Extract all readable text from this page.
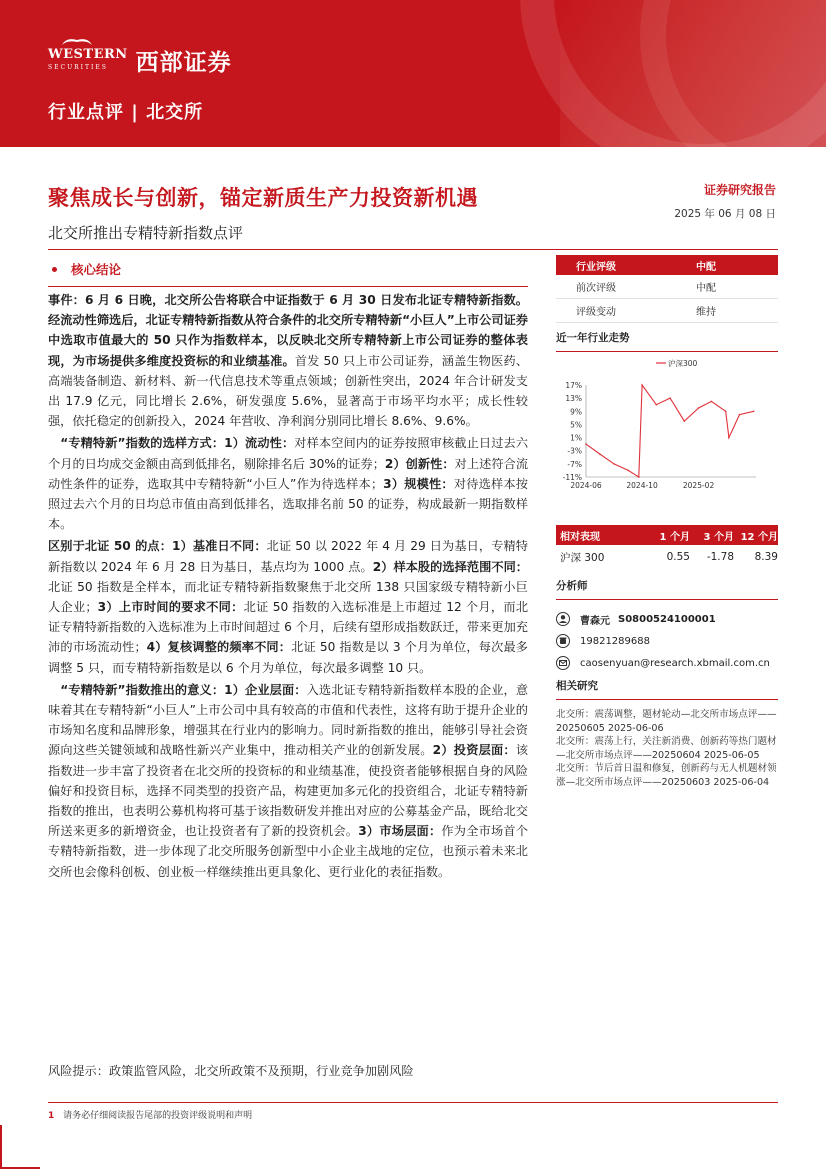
WESTERN
SECURITIES	西部证券
行业点评 | 北交所
聚焦成长与创新，锚定新质生产力投资新机遇
北交所推出专精特新指数点评
证券研究报告
2025 年 06 月 08 日
核心结论

事件：6 月 6 日晚，北交所公告将联合中证指数于 6 月 30 日发布北证专精特新指数。经流动性筛选后，北证专精特新指数从符合条件的北交所专精特新“小巨人”上市公司证券中选取市值最大的 50 只作为指数样本，以反映北交所专精特新上市公司证券的整体表现，为市场提供多维度投资标的和业绩基准。首发 50 只上市公司证券，涵盖生物医药、高端装备制造、新材料、新一代信息技术等重点领域；创新性突出，2024 年合计研发支出 17.9 亿元，同比增长 2.6%，研发强度 5.6%，显著高于市场平均水平；成长性较强，依托稳定的创新投入，2024 年营收、净利润分别同比增长 8.6%、9.6%。

 “专精特新”指数的选样方式：1）流动性：对样本空间内的证券按照审核截止日过去六个月的日均成交金额由高到低排名，剔除排名后 30%的证券；2）创新性：对上述符合流动性条件的证券，选取其中专精特新“小巨人”作为待选样本；3）规模性：对待选样本按照过去六个月的日均总市值由高到低排名，选取排名前 50 的证券，构成最新一期指数样本。

区别于北证 50 的点：1）基准日不同：北证 50 以 2022 年 4 月 29 日为基日，专精特新指数以 2024 年 6 月 28 日为基日，基点均为 1000 点。2）样本股的选择范围不同：北证 50 指数是全样本，而北证专精特新指数聚焦于北交所 138 只国家级专精特新小巨人企业；3）上市时间的要求不同：北证 50 指数的入选标准是上市超过 12 个月，而北证专精特新指数的入选标准为上市时间超过 6 个月，后续有望形成指数跃迁，带来更加充沛的市场流动性；4）复核调整的频率不同：北证 50 指数是以 3 个月为单位，每次最多调整 5 只，而专精特新指数是以 6 个月为单位，每次最多调整 10 只。

 “专精特新”指数推出的意义：1）企业层面：入选北证专精特新指数样本股的企业，意味着其在专精特新“小巨人”上市公司中具有较高的市值和代表性，这将有助于提升企业的市场知名度和品牌形象，增强其在行业内的影响力。同时新指数的推出，能够引导社会资源向这些关键领域和战略性新兴产业集中，推动相关产业的创新发展。2）投资层面：该指数进一步丰富了投资者在北交所的投资标的和业绩基准，使投资者能够根据自身的风险偏好和投资目标，选择不同类型的投资产品，构建更加多元化的投资组合，北证专精特新指数的推出，也表明公募机构将可基于该指数研发并推出对应的公募基金产品，既给北交所送来更多的新增资金，也让投资者有了新的投资机会。3）市场层面：作为全市场首个专精特新指数，进一步体现了北交所服务创新型中小企业主战地的定位，也预示着未来北交所也会像科创板、创业板一样继续推出更具象化、更行业化的表征指数。

风险提示：政策监管风险，北交所政策不及预期，行业竞争加剧风险
行业评级	中配
前次评级	中配
评级变动	维持
近一年行业走势
17%
13%
9%
5%
1%
-3%
-7%
-11%
2024-06	2024-10	2025-02
沪深300
相对表现	1 个月	3 个月 12 个月
沪深 300	0.55	-1.78	8.39
分析师
曹森元 S0800524100001
19821289688
caosenyuan@research.xbmail.com.cn
相关研究

北交所：震荡调整，题材轮动—北交所市场点评——20250605 2025-06-06

北交所：震荡上行，关注新消费、创新药等热门题材—北交所市场点评——20250604 2025-06-05

北交所：节后首日温和修复，创新药与无人机题材领涨—北交所市场点评——20250603 2025-06-04

1 请务必仔细阅读报告尾部的投资评级说明和声明
